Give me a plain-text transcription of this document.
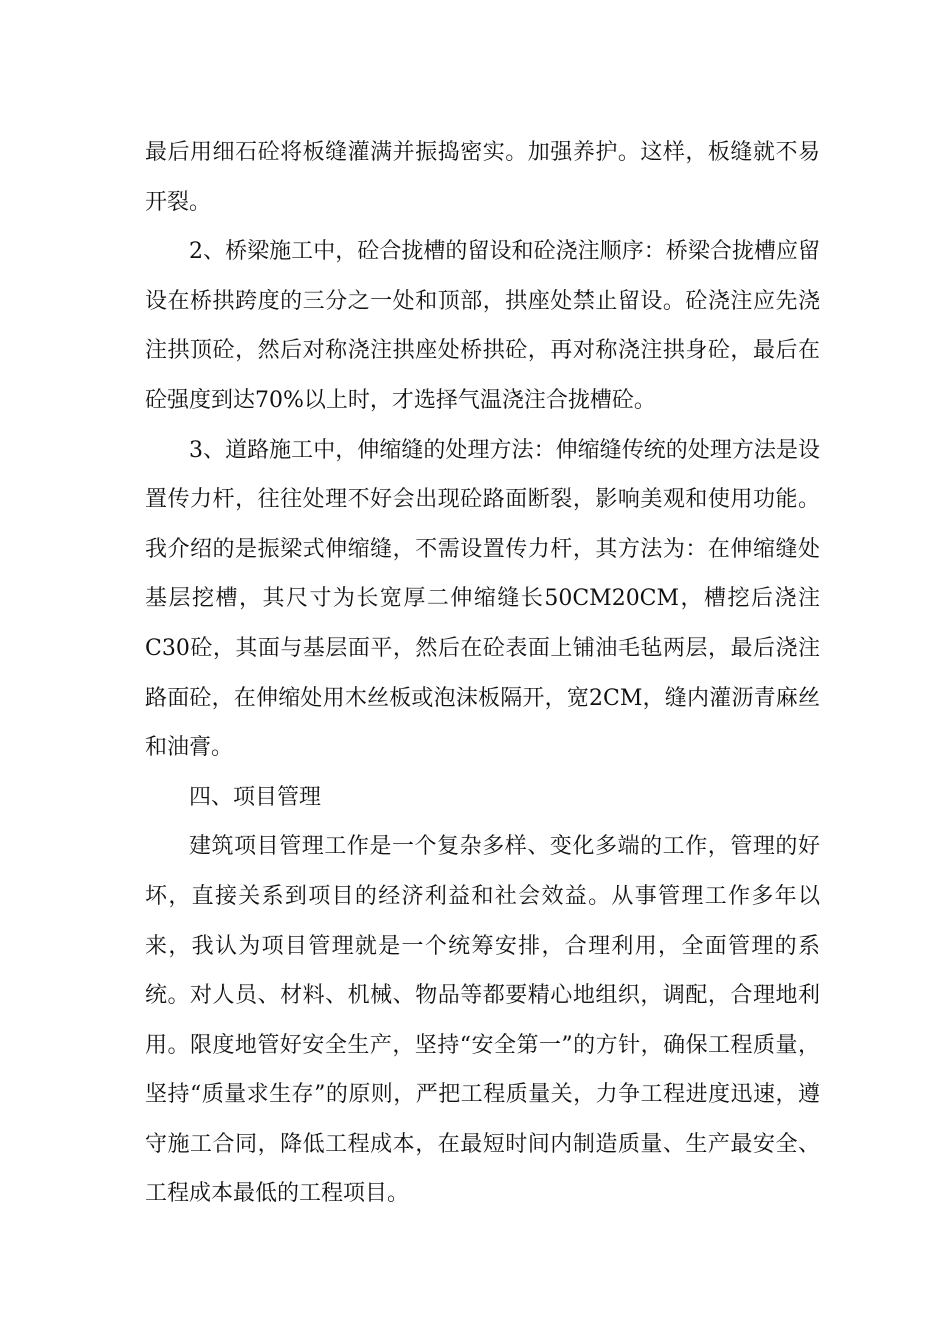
最后用细石砼将板缝灌满并振捣密实。加强养护。这样，板缝就不易开裂。

2、桥梁施工中，砼合拢槽的留设和砼浇注顺序：桥梁合拢槽应留设在桥拱跨度的三分之一处和顶部，拱座处禁止留设。砼浇注应先浇注拱顶砼，然后对称浇注拱座处桥拱砼，再对称浇注拱身砼，最后在砼强度到达70%以上时，才选择气温浇注合拢槽砼。

3、道路施工中，伸缩缝的处理方法：伸缩缝传统的处理方法是设置传力杆，往往处理不好会出现砼路面断裂，影响美观和使用功能。我介绍的是振梁式伸缩缝，不需设置传力杆，其方法为：在伸缩缝处基层挖槽，其尺寸为长宽厚二伸缩缝长50CM20CM，槽挖后浇注C30砼，其面与基层面平，然后在砼表面上铺油毛毡两层，最后浇注路面砼，在伸缩处用木丝板或泡沫板隔开，宽2CM，缝内灌沥青麻丝和油膏。

四、项目管理

建筑项目管理工作是一个复杂多样、变化多端的工作，管理的好坏，直接关系到项目的经济利益和社会效益。从事管理工作多年以来，我认为项目管理就是一个统筹安排，合理利用，全面管理的系统。对人员、材料、机械、物品等都要精心地组织，调配，合理地利用。限度地管好安全生产，坚持“安全第一”的方针，确保工程质量，坚持“质量求生存”的原则，严把工程质量关，力争工程进度迅速，遵守施工合同，降低工程成本，在最短时间内制造质量、生产最安全、工程成本最低的工程项目。
